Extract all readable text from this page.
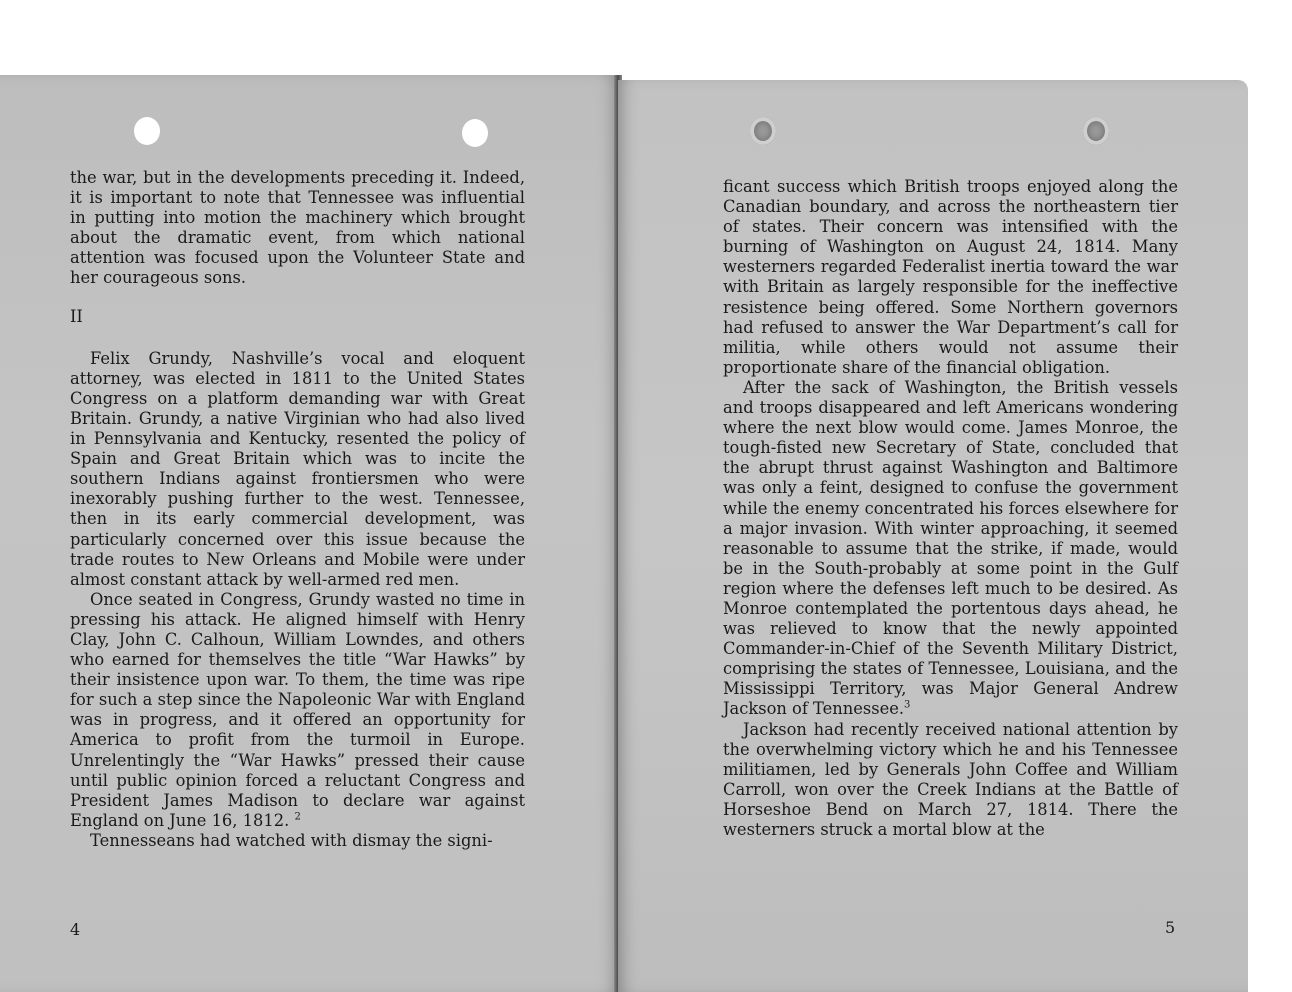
the war, but in the developments preceding it. Indeed, it is important to note that Tennessee was influential in putting into motion the machinery which brought about the dramatic event, from which national attention was focused upon the Volunteer State and her courageous sons.

II

Felix Grundy, Nashville’s vocal and eloquent attorney, was elected in 1811 to the United States Congress on a platform demanding war with Great Britain. Grundy, a native Virginian who had also lived in Pennsylvania and Kentucky, resented the policy of Spain and Great Britain which was to incite the southern Indians against frontiersmen who were inexorably pushing further to the west. Tennessee, then in its early commercial development, was particularly concerned over this issue because the trade routes to New Orleans and Mobile were under almost constant attack by well-armed red men.

Once seated in Congress, Grundy wasted no time in pressing his attack. He aligned himself with Henry Clay, John C. Calhoun, William Lowndes, and others who earned for themselves the title “War Hawks” by their insistence upon war. To them, the time was ripe for such a step since the Napoleonic War with England was in progress, and it offered an opportunity for America to profit from the turmoil in Europe. Unrelentingly the “War Hawks” pressed their cause until public opinion forced a reluctant Congress and President James Madison to declare war against England on June 16, 1812. $^2$

Tennesseans had watched with dismay the signi-

4

ficant success which British troops enjoyed along the Canadian boundary, and across the northeastern tier of states. Their concern was intensified with the burning of Washington on August 24, 1814. Many westerners regarded Federalist inertia toward the war with Britain as largely responsible for the ineffective resistence being offered. Some Northern governors had refused to answer the War Department’s call for militia, while others would not assume their proportionate share of the financial obligation.

After the sack of Washington, the British vessels and troops disappeared and left Americans wondering where the next blow would come. James Monroe, the tough-fisted new Secretary of State, concluded that the abrupt thrust against Washington and Baltimore was only a feint, designed to confuse the government while the enemy concentrated his forces elsewhere for a major invasion. With winter approaching, it seemed reasonable to assume that the strike, if made, would be in the South-probably at some point in the Gulf region where the defenses left much to be desired. As Monroe contemplated the portentous days ahead, he was relieved to know that the newly appointed Commander-in-Chief of the Seventh Military District, comprising the states of Tennessee, Louisiana, and the Mississippi Territory, was Major General Andrew Jackson of Tennessee.$^3$

Jackson had recently received national attention by the overwhelming victory which he and his Tennessee militiamen, led by Generals John Coffee and William Carroll, won over the Creek Indians at the Battle of Horseshoe Bend on March 27, 1814. There the westerners struck a mortal blow at the

5
